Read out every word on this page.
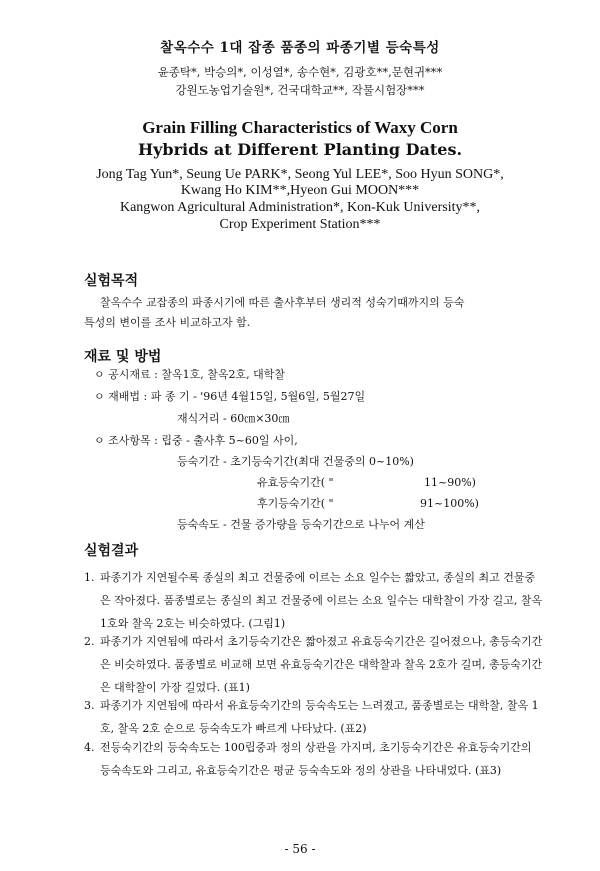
찰옥수수 1대 잡종 품종의 파종기별 등숙특성
윤종탁*, 박승의*, 이성열*, 송수현*, 김광호**,문현귀***
강원도농업기술원*, 건국대학교**, 작물시험장***
Grain Filling Characteristics of Waxy Corn
Hybrids at Different Planting Dates.
Jong Tag Yun*, Seung Ue PARK*, Seong Yul LEE*, Soo Hyun SONG*,
Kwang Ho KIM**,Hyeon Gui MOON***
Kangwon Agricultural Administration*, Kon-Kuk University**,
Crop Experiment Station***
실험목적
찰옥수수 교잡종의 파종시기에 따른 출사후부터 생리적 성숙기때까지의 등숙
특성의 변이를 조사 비교하고자 함.
재료 및 방법
ㅇ 공시재료 : 찰옥1호, 찰옥2호, 대학찰
ㅇ 재배법 : 파 종 기 - '96년 4월15일, 5월6일, 5월27일
재식거리 - 60㎝×30㎝
ㅇ 조사항목 : 립중 - 출사후 5~60일 사이,
등숙기간 - 초기등숙기간(최대 건물중의 0~10%)
유효등숙기간( "	11~90%)
후기등숙기간( "	91~100%)
등숙속도 - 건물 증가량을 등숙기간으로 나누어 계산
실험결과
1. 파종기가 지연될수록 종실의 최고 건물중에 이르는 소요 일수는 짧았고, 종실의 최고 건물중은 작아졌다. 품종별로는 종실의 최고 건물중에 이르는 소요 일수는 대학찰이 가장 길고, 찰옥 1호와 찰옥 2호는 비슷하였다. (그림1)
2. 파종기가 지연됨에 따라서 초기등숙기간은 짧아졌고 유효등숙기간은 길어졌으나, 총등숙기간은 비슷하였다. 품종별로 비교해 보면 유효등숙기간은 대학찰과 찰옥 2호가 길며, 총등숙기간은 대학찰이 가장 길었다. (표1)
3. 파종기가 지연됨에 따라서 유효등숙기간의 등숙속도는 느려졌고, 품종별로는 대학찰, 찰옥 1호, 찰옥 2호 순으로 등숙속도가 빠르게 나타났다. (표2)
4. 전등숙기간의 등숙속도는 100립중과 정의 상관을 가지며, 초기등숙기간은 유효등숙기간의 등숙속도와 그리고, 유효등숙기간은 평균 등숙속도와 정의 상관을 나타내었다. (표3)
- 56 -
